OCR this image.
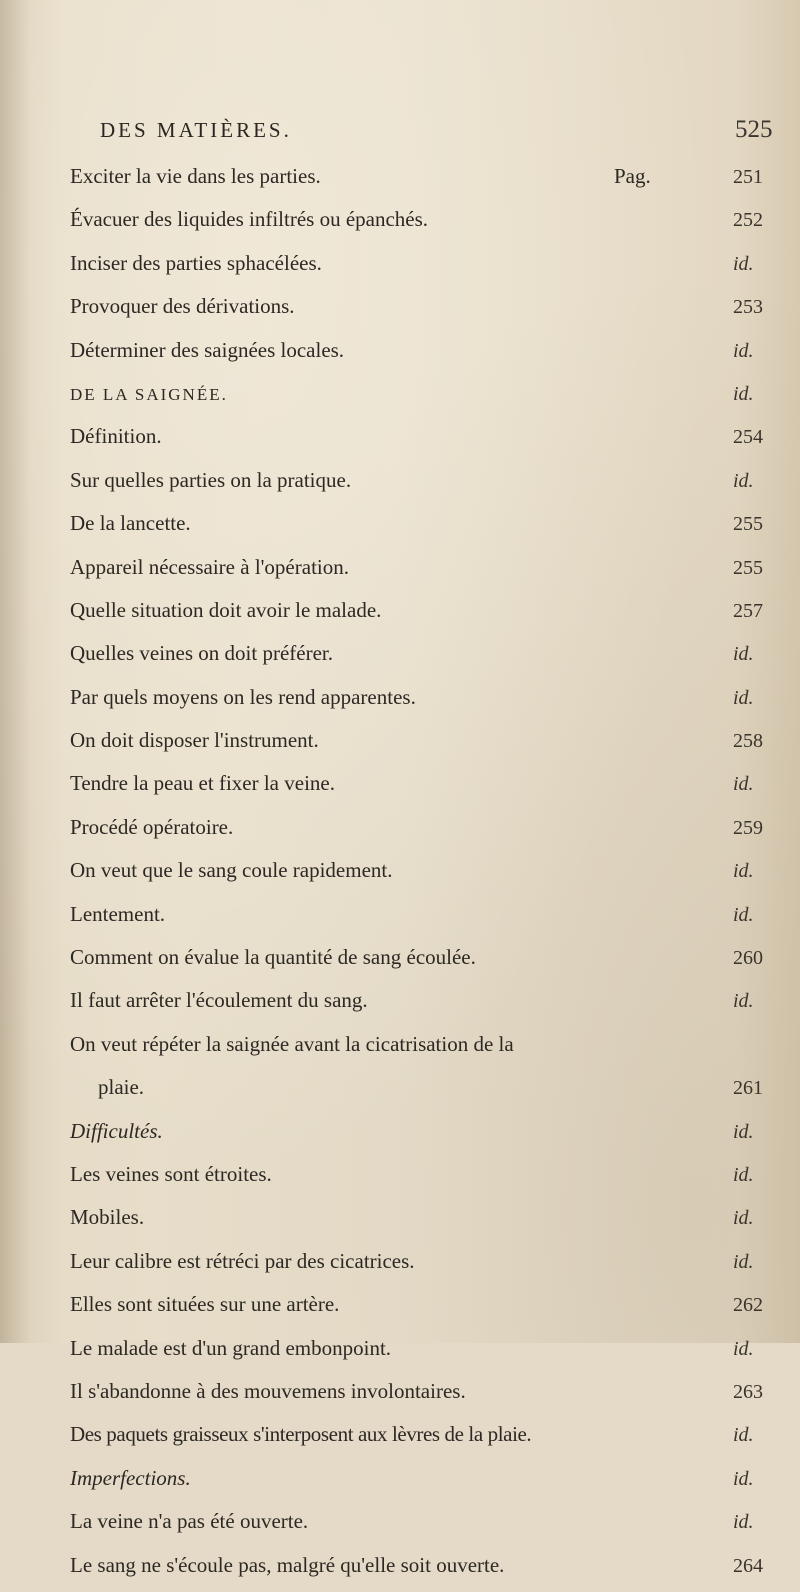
DES MATIÈRES.	525
Exciter la vie dans les parties.	Pag.	251
Évacuer des liquides infiltrés ou épanchés.	252
Inciser des parties sphacélées.	id.
Provoquer des dérivations.	253
Déterminer des saignées locales.	id.
DE LA SAIGNÉE.	id.
Définition.	254
Sur quelles parties on la pratique.	id.
De la lancette.	255
Appareil nécessaire à l'opération.	255
Quelle situation doit avoir le malade.	257
Quelles veines on doit préférer.	id.
Par quels moyens on les rend apparentes.	id.
On doit disposer l'instrument.	258
Tendre la peau et fixer la veine.	id.
Procédé opératoire.	259
On veut que le sang coule rapidement.	id.
Lentement.	id.
Comment on évalue la quantité de sang écoulée.	260
Il faut arrêter l'écoulement du sang.	id.
On veut répéter la saignée avant la cicatrisation de la
plaie.	261
Difficultés.	id.
Les veines sont étroites.	id.
Mobiles.	id.
Leur calibre est rétréci par des cicatrices.	id.
Elles sont situées sur une artère.	262
Le malade est d'un grand embonpoint.	id.
Il s'abandonne à des mouvemens involontaires.	263
Des paquets graisseux s'interposent aux lèvres de la plaie.	id.
Imperfections.	id.
La veine n'a pas été ouverte.	id.
Le sang ne s'écoule pas, malgré qu'elle soit ouverte.	264
